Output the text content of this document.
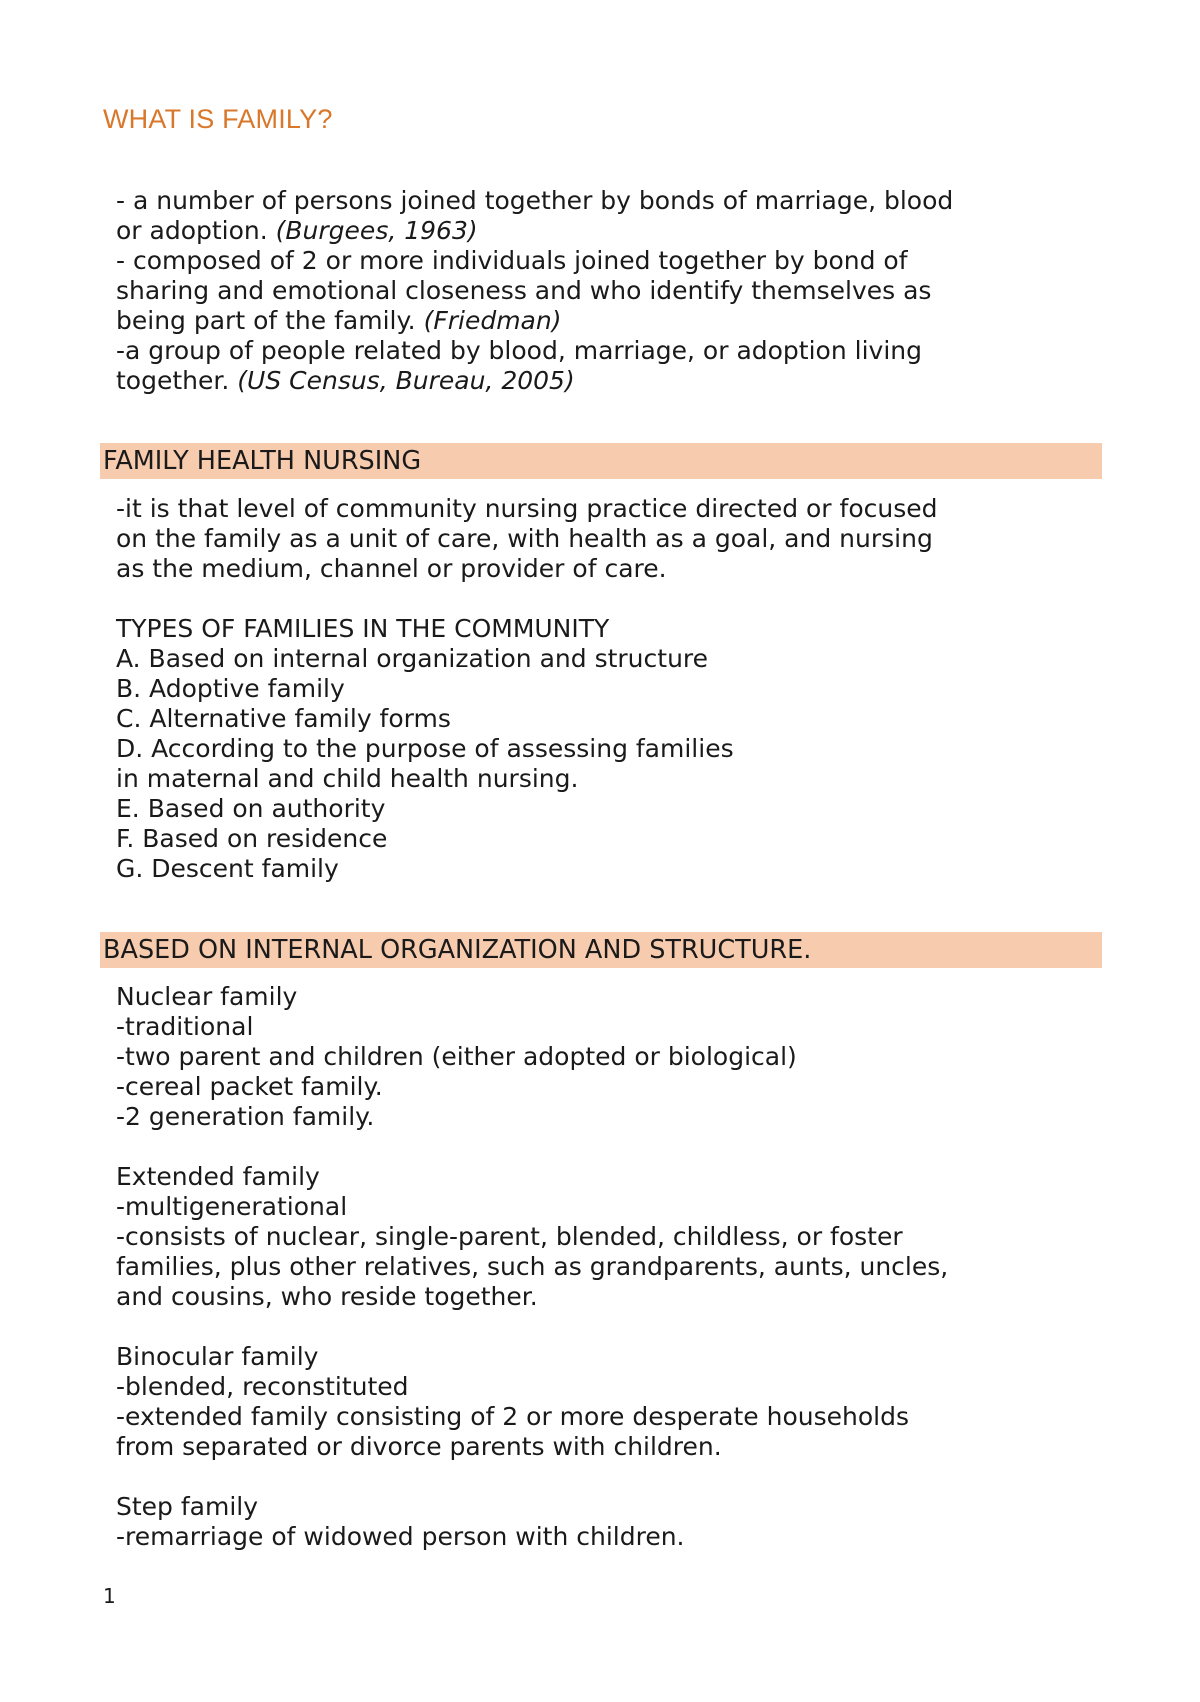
WHAT IS FAMILY?

- a number of persons joined together by bonds of marriage, blood

or adoption. (Burgees, 1963)

- composed of 2 or more individuals joined together by bond of

sharing and emotional closeness and who identify themselves as

being part of the family. (Friedman)

-a group of people related by blood, marriage, or adoption living

together. (US Census, Bureau, 2005)

FAMILY HEALTH NURSING

-it is that level of community nursing practice directed or focused

on the family as a unit of care, with health as a goal, and nursing

as the medium, channel or provider of care.

TYPES OF FAMILIES IN THE COMMUNITY

A. Based on internal organization and structure

B. Adoptive family

C. Alternative family forms

D. According to the purpose of assessing families

in maternal and child health nursing.

E. Based on authority

F. Based on residence

G. Descent family

BASED ON INTERNAL ORGANIZATION AND STRUCTURE.

Nuclear family

-traditional

-two parent and children (either adopted or biological)

-cereal packet family.

-2 generation family.

Extended family

-multigenerational

-consists of nuclear, single-parent, blended, childless, or foster

families, plus other relatives, such as grandparents, aunts, uncles,

and cousins, who reside together.

Binocular family

-blended, reconstituted

-extended family consisting of 2 or more desperate households

from separated or divorce parents with children.

Step family

-remarriage of widowed person with children.

1
